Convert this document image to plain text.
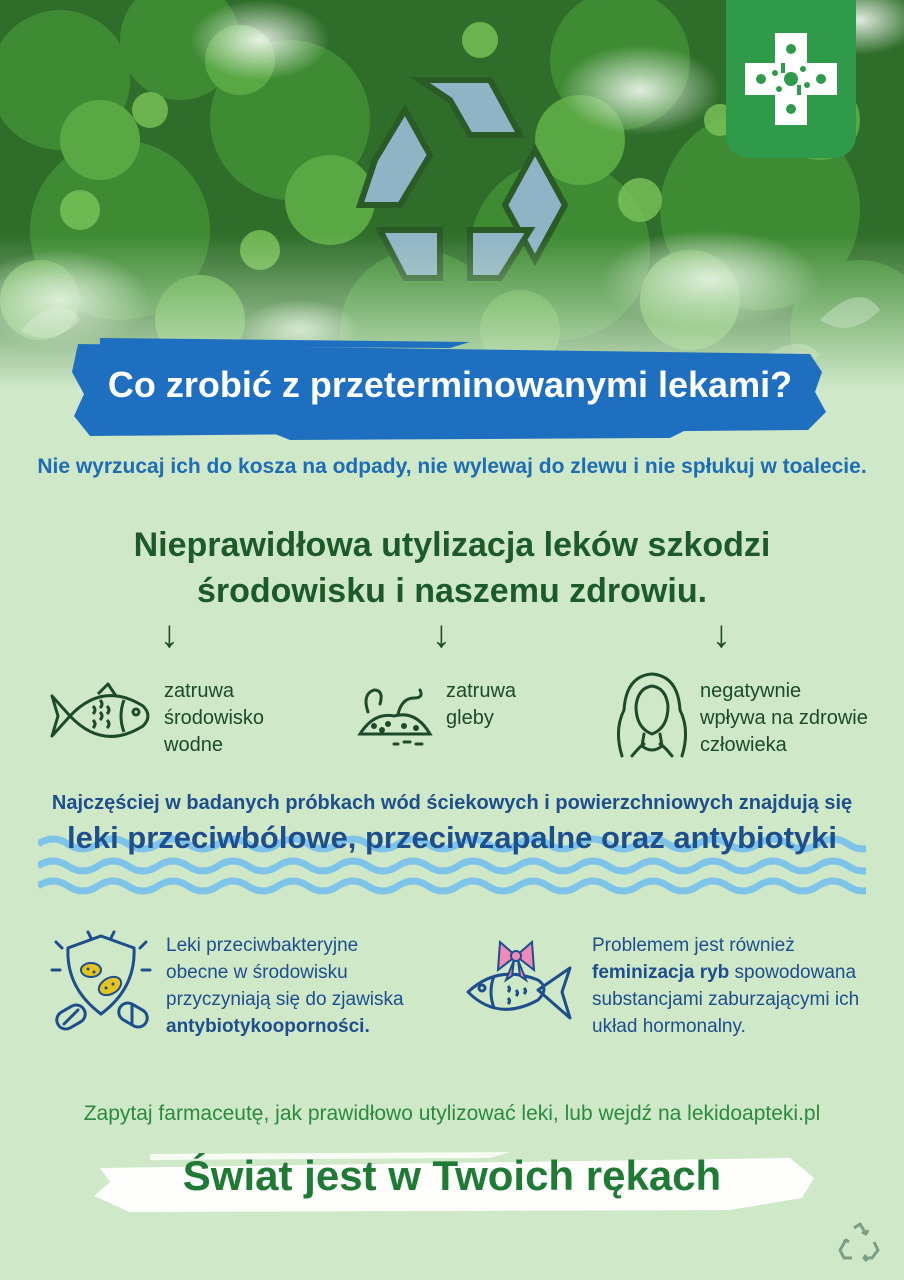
Co zrobić z przeterminowanymi lekami?
Nie wyrzucaj ich do kosza na odpady, nie wylewaj do zlewu i nie spłukuj w toalecie.
Nieprawidłowa utylizacja leków szkodzi
środowisku i naszemu zdrowiu.
↓	↓	↓
zatruwa
środowisko
wodne
zatruwa
gleby
negatywnie
wpływa na zdrowie
człowieka
Najczęściej w badanych próbkach wód ściekowych i powierzchniowych znajdują się
leki przeciwbólowe, przeciwzapalne oraz antybiotyki
Leki przeciwbakteryjne
obecne w środowisku
przyczyniają się do zjawiska
antybiotykooporności.
Problemem jest również
feminizacja ryb spowodowana
substancjami zaburzającymi ich
układ hormonalny.
Zapytaj farmaceutę, jak prawidłowo utylizować leki, lub wejdź na lekidoapteki.pl
Świat jest w Twoich rękach
